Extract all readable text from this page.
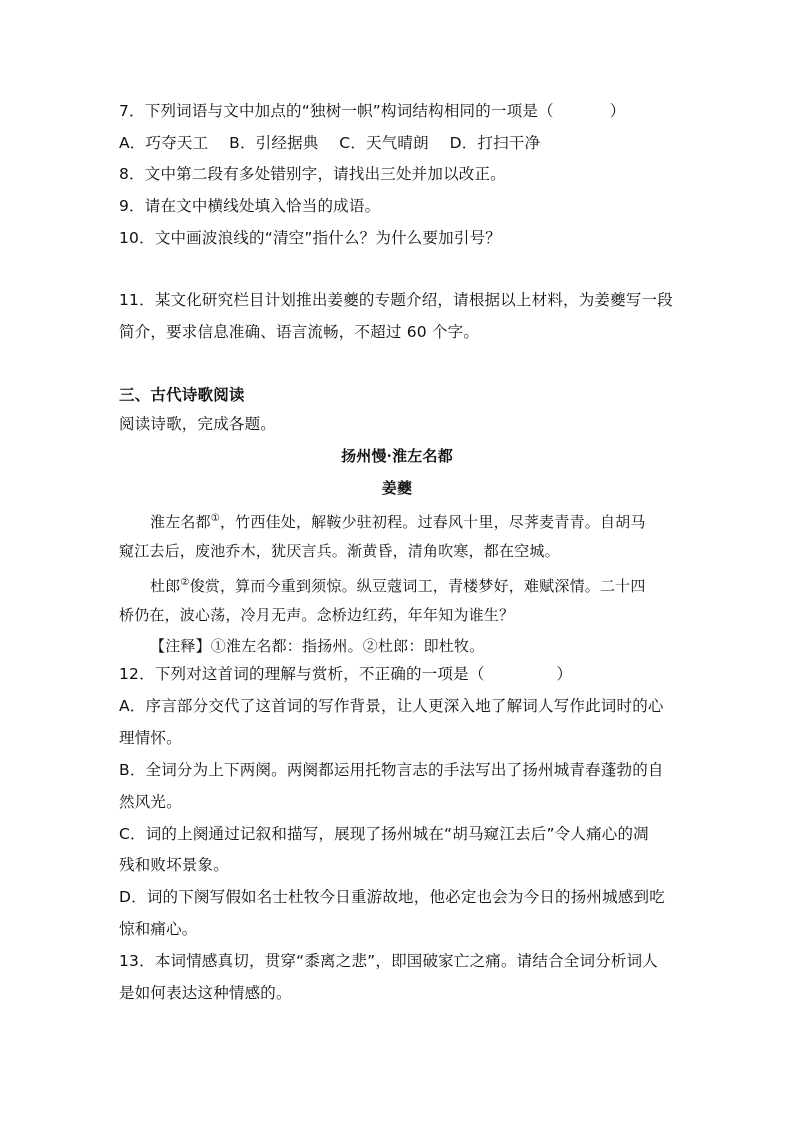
7．下列词语与文中加点的“独树一帜”构词结构相同的一项是（	）
A．巧夺天工　 B．引经据典　 C．天气晴朗　 D．打扫干净
8．文中第二段有多处错别字，请找出三处并加以改正。
9．请在文中横线处填入恰当的成语。
10．文中画波浪线的“清空”指什么？为什么要加引号？
11．某文化研究栏目计划推出姜夔的专题介绍，请根据以上材料，为姜夔写一段
简介，要求信息准确、语言流畅，不超过 60 个字。
三、古代诗歌阅读
阅读诗歌，完成各题。
扬州慢·淮左名都
姜夔
淮左名都①，竹西佳处，解鞍少驻初程。过春风十里，尽荠麦青青。自胡马
窥江去后，废池乔木，犹厌言兵。渐黄昏，清角吹寒，都在空城。
杜郎②俊赏，算而今重到须惊。纵豆蔻词工，青楼梦好，难赋深情。二十四
桥仍在，波心荡，冷月无声。念桥边红药，年年知为谁生？
【注释】①淮左名都：指扬州。②杜郎：即杜牧。
12．下列对这首词的理解与赏析，不正确的一项是（	）
A．序言部分交代了这首词的写作背景，让人更深入地了解词人写作此词时的心
理情怀。
B．全词分为上下两阕。两阕都运用托物言志的手法写出了扬州城青春蓬勃的自
然风光。
C．词的上阕通过记叙和描写，展现了扬州城在“胡马窥江去后”令人痛心的凋
残和败坏景象。
D．词的下阕写假如名士杜牧今日重游故地，他必定也会为今日的扬州城感到吃
惊和痛心。
13．本词情感真切，贯穿“黍离之悲”，即国破家亡之痛。请结合全词分析词人
是如何表达这种情感的。
